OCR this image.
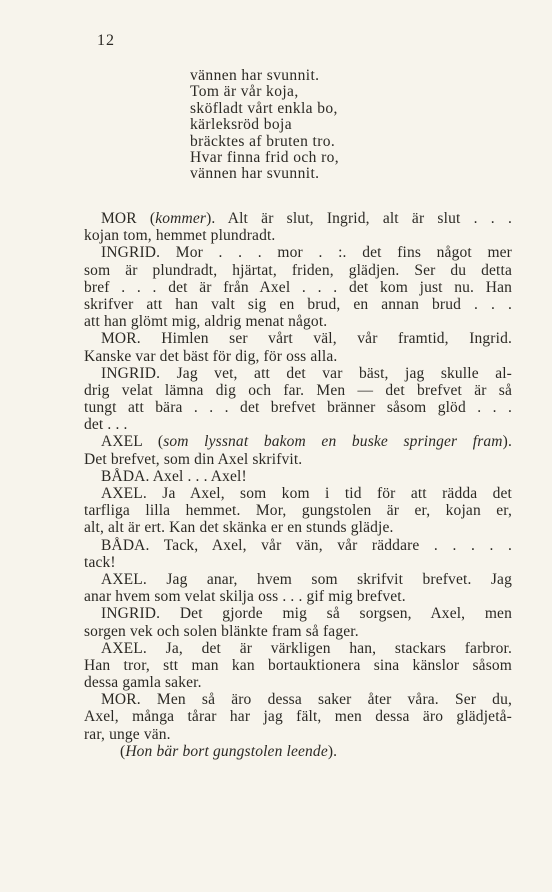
12
vännen har svunnit.
Tom är vår koja,
sköfladt vårt enkla bo,
kärleksröd boja
bräcktes af bruten tro.
Hvar finna frid och ro,
vännen har svunnit.
MOR (kommer). Alt är slut, Ingrid, alt är slut . . .
kojan tom, hemmet plundradt.
INGRID. Mor . . . mor . :. det fins något mer
som är plundradt, hjärtat, friden, glädjen. Ser du detta
bref . . . det är från Axel . . . det kom just nu. Han
skrifver att han valt sig en brud, en annan brud . . .
att han glömt mig, aldrig menat något.
MOR. Himlen ser vårt väl, vår framtid, Ingrid.
Kanske var det bäst för dig, för oss alla.
INGRID. Jag vet, att det var bäst, jag skulle al-
drig velat lämna dig och far. Men — det brefvet är så
tungt att bära . . . det brefvet bränner såsom glöd . . .
det . . .
AXEL (som lyssnat bakom en buske springer fram).
Det brefvet, som din Axel skrifvit.
BÅDA. Axel . . . Axel!
AXEL. Ja Axel, som kom i tid för att rädda det
tarfliga lilla hemmet. Mor, gungstolen är er, kojan er,
alt, alt är ert. Kan det skänka er en stunds glädje.
BÅDA. Tack, Axel, vår vän, vår räddare . . . . .
tack!
AXEL. Jag anar, hvem som skrifvit brefvet. Jag
anar hvem som velat skilja oss . . . gif mig brefvet.
INGRID. Det gjorde mig så sorgsen, Axel, men
sorgen vek och solen blänkte fram så fager.
AXEL. Ja, det är värkligen han, stackars farbror.
Han tror, stt man kan bortauktionera sina känslor såsom
dessa gamla saker.
MOR. Men så äro dessa saker åter våra. Ser du,
Axel, många tårar har jag fält, men dessa äro glädjetå-
rar, unge vän.
(Hon bär bort gungstolen leende).
